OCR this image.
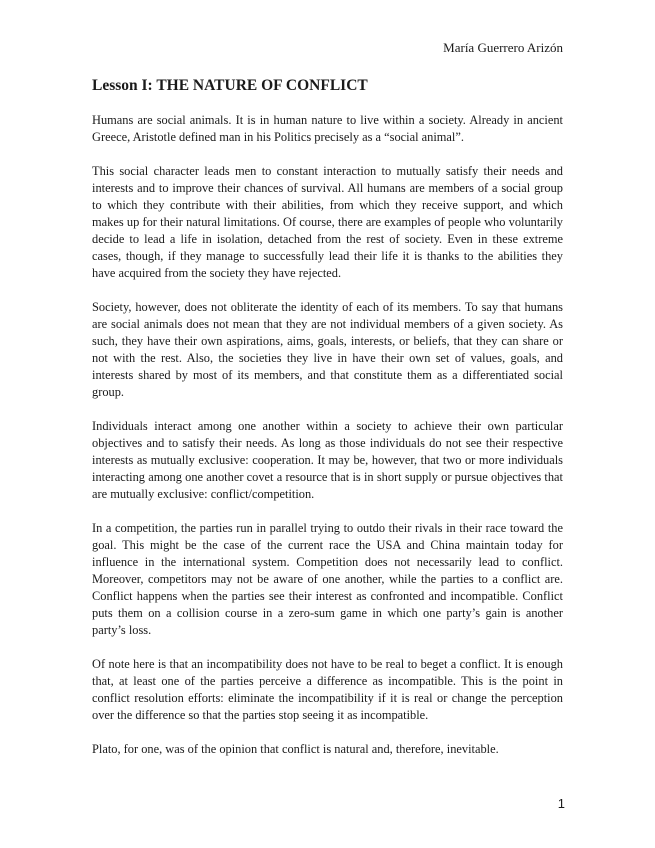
María Guerrero Arizón
Lesson I: THE NATURE OF CONFLICT

Humans are social animals. It is in human nature to live within a society. Already in ancient Greece, Aristotle defined man in his Politics precisely as a “social animal”.

This social character leads men to constant interaction to mutually satisfy their needs and interests and to improve their chances of survival. All humans are members of a social group to which they contribute with their abilities, from which they receive support, and which makes up for their natural limitations. Of course, there are examples of people who voluntarily decide to lead a life in isolation, detached from the rest of society. Even in these extreme cases, though, if they manage to successfully lead their life it is thanks to the abilities they have acquired from the society they have rejected.

Society, however, does not obliterate the identity of each of its members. To say that humans are social animals does not mean that they are not individual members of a given society. As such, they have their own aspirations, aims, goals, interests, or beliefs, that they can share or not with the rest. Also, the societies they live in have their own set of values, goals, and interests shared by most of its members, and that constitute them as a differentiated social group.

Individuals interact among one another within a society to achieve their own particular objectives and to satisfy their needs. As long as those individuals do not see their respective interests as mutually exclusive: cooperation. It may be, however, that two or more individuals interacting among one another covet a resource that is in short supply or pursue objectives that are mutually exclusive: conflict/competition.

In a competition, the parties run in parallel trying to outdo their rivals in their race toward the goal. This might be the case of the current race the USA and China maintain today for influence in the international system. Competition does not necessarily lead to conflict. Moreover, competitors may not be aware of one another, while the parties to a conflict are. Conflict happens when the parties see their interest as confronted and incompatible. Conflict puts them on a collision course in a zero-sum game in which one party’s gain is another party’s loss.

Of note here is that an incompatibility does not have to be real to beget a conflict. It is enough that, at least one of the parties perceive a difference as incompatible. This is the point in conflict resolution efforts: eliminate the incompatibility if it is real or change the perception over the difference so that the parties stop seeing it as incompatible.

Plato, for one, was of the opinion that conflict is natural and, therefore, inevitable.

1
